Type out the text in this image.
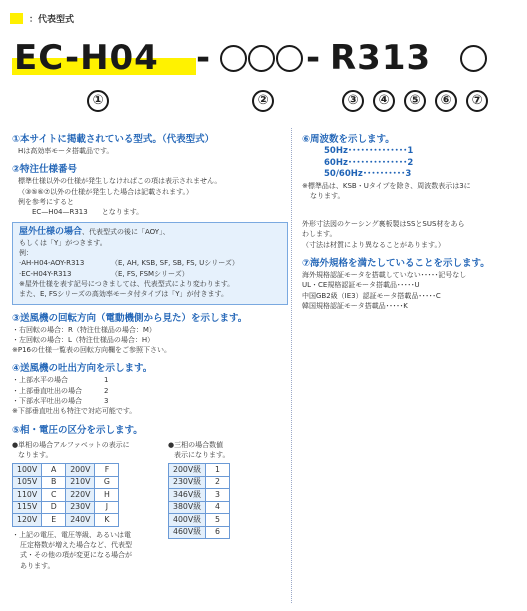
：代表型式
EC-H04 -	- R313
①	②	③	④	⑤	⑥	⑦
①本サイトに掲載されている型式。（代表型式）
Hは高効率モータ搭載品です。
②特注仕様番号
標準仕様以外の仕様が発生しなければこの項は表示されません。
（③⑤⑥⑦以外の仕様が発生した場合は記載されます。）
例を参考にすると
EC—H04—R313　　となります。
屋外仕様の場合、代表型式の後に「AOY」、
もしくは「Y」がつきます。
例：
·AH-H04-AOY-R313	（E, AH, KSB, SF, SB, FS, Uシリーズ）
·EC-H04Y-R313	（E, FS, FSMシリーズ）
※屋外仕様を表す記号につきましては、代表型式により変わります。
また、E, FSシリーズの高効率モータ付タイプは「Y」が付きます。
③送風機の回転方向（電動機側から見た）を示します。
・右回転の場合：R（特注仕様品の場合：M）
・左回転の場合：L（特注仕様品の場合：H）
※P16の仕様一覧表の回転方向欄をご参照下さい。
④送風機の吐出方向を示します。
・上部水平の場合	1
・上部垂直吐出の場合	2
・下部水平吐出の場合	3
※下部垂直吐出も特注で対応可能です。
⑤相・電圧の区分を示します。
●単相の場合アルファベットの表示に
なります。
100V	A	200V	F
105V	B	210V	G
110V	C	220V	H
115V	D	230V	J
120V	E	240V	K
・上記の電圧、電圧等級、あるいは電
圧定格数が増えた場合など、代表型
式・その他の項が変更になる場合が
あります。
●三相の場合数値
表示になります。
200V級	1
230V級	2
346V級	3
380V級	4
400V級	5
460V級	6
⑥周波数を示します。
50Hz･･････････････1
60Hz･･････････････2
50/60Hz･･････････3
※標準品は、KSB・Uタイプを除き、周波数表示は3に
なります。
外形寸法図のケーシング裏板製はSSとSUS材をあら
わします。
（寸法は材質により異なることがあります。）
⑦海外規格を満たしていることを示します。
海外規格認証モータを搭載していない･････記号なし
UL・CE規格認証モータ搭載品･････U
中国GB2級（IE3）認証モータ搭載品･････C
韓国規格認証モータ搭載品･････K
